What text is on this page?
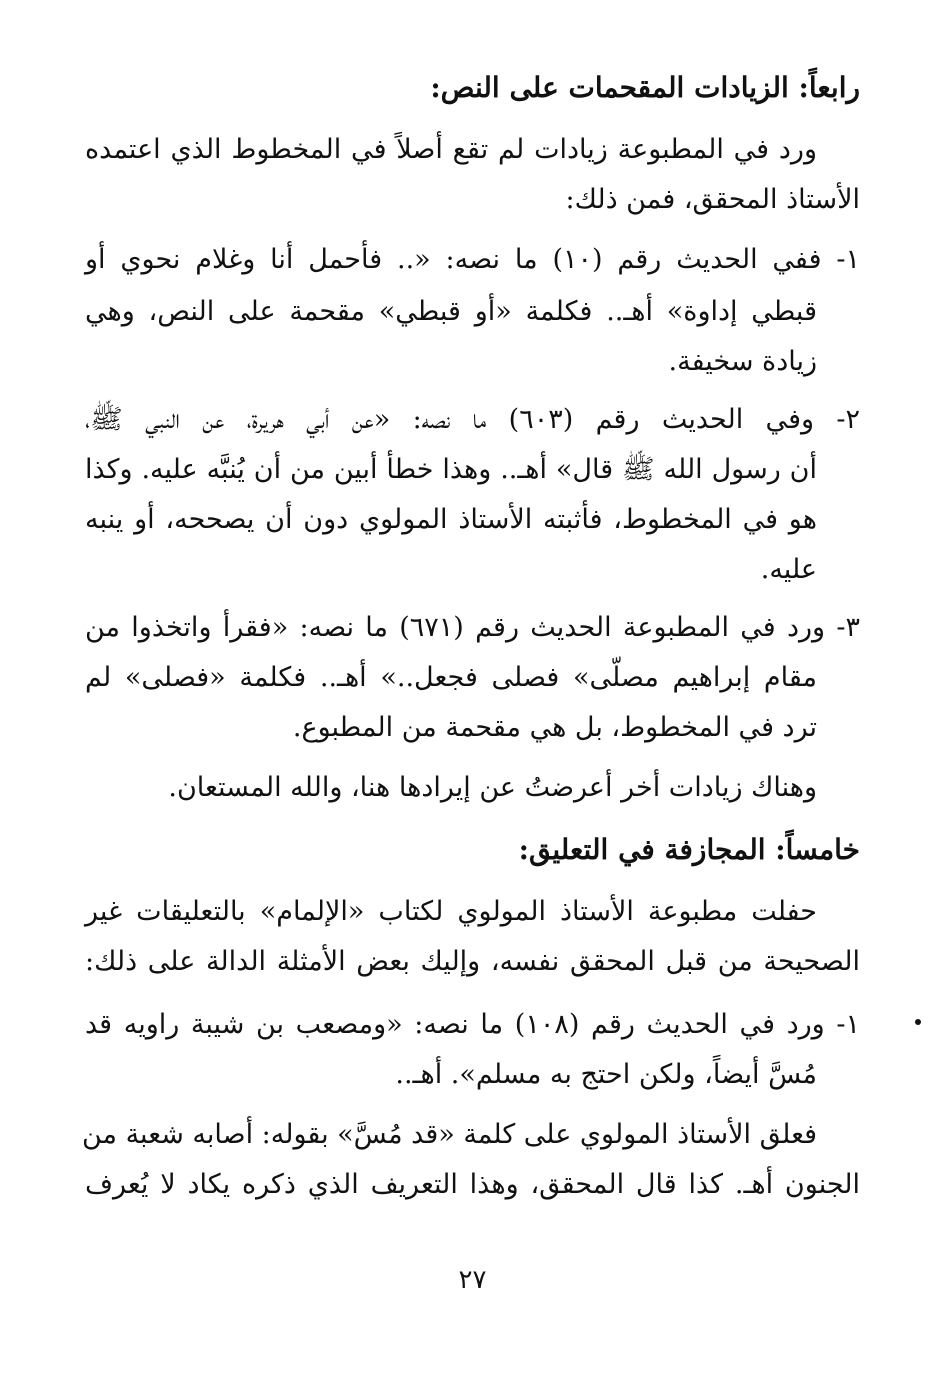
رابعاً: الزيادات المقحمات على النص:
ورد في المطبوعة زيادات لم تقع أصلاً في المخطوط الذي اعتمده
الأستاذ المحقق، فمن ذلك:
١- ففي الحديث رقم (١٠) ما نصه: «.. فأحمل أنا وغلام نحوي أو
قبطي إداوة» أهـ.. فكلمة «أو قبطي» مقحمة على النص، وهي
زيادة سخيفة.
٢- وفي الحديث رقم (٦٠٣) ما نصه: «عن أبي هريرة، عن النبي ﷺ،
أن رسول الله ﷺ قال» أهـ.. وهذا خطأ أبين من أن يُنبَّه عليه. وكذا
هو في المخطوط، فأثبته الأستاذ المولوي دون أن يصححه، أو ينبه
عليه.
٣- ورد في المطبوعة الحديث رقم (٦٧١) ما نصه: «فقرأ واتخذوا من
مقام إبراهيم مصلّى» فصلى فجعل..» أهـ.. فكلمة «فصلى» لم
ترد في المخطوط، بل هي مقحمة من المطبوع.
وهناك زيادات أخر أعرضتُ عن إيرادها هنا، والله المستعان.
خامساً: المجازفة في التعليق:
حفلت مطبوعة الأستاذ المولوي لكتاب «الإلمام» بالتعليقات غير
الصحيحة من قبل المحقق نفسه، وإليك بعض الأمثلة الدالة على ذلك:
١- ورد في الحديث رقم (١٠٨) ما نصه: «ومصعب بن شيبة راويه قد
مُسَّ أيضاً، ولكن احتج به مسلم». أهـ..
فعلق الأستاذ المولوي على كلمة «قد مُسَّ» بقوله: أصابه شعبة من
الجنون أهـ. كذا قال المحقق، وهذا التعريف الذي ذكره يكاد لا يُعرف
٢٧
